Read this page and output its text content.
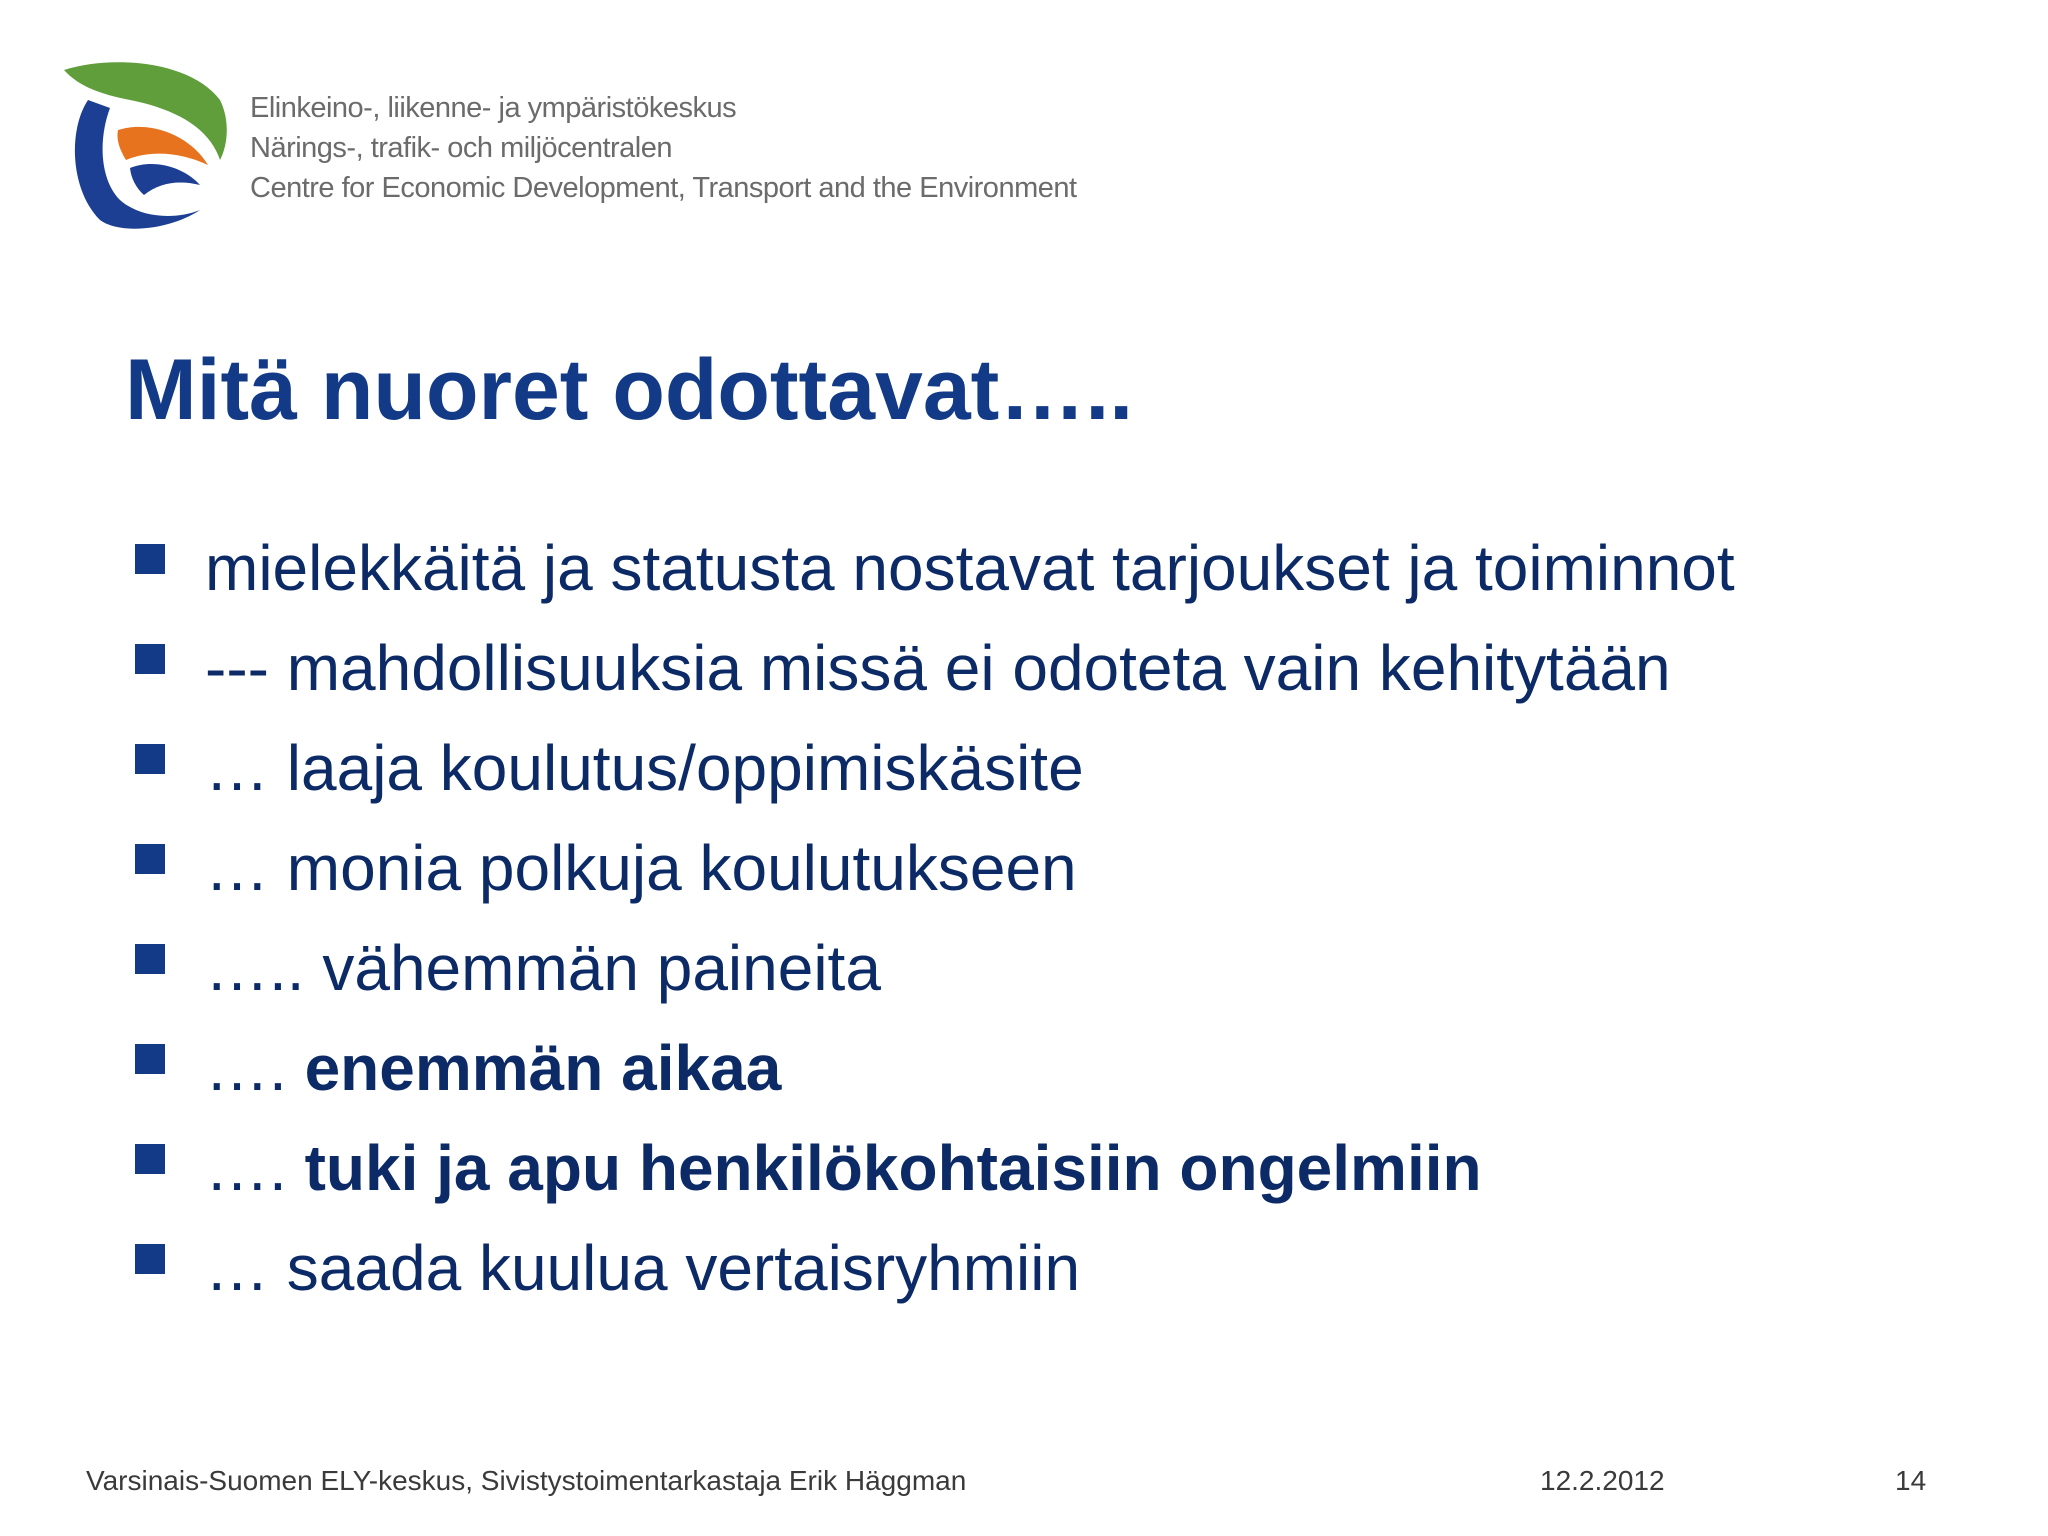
Elinkeino-, liikenne- ja ympäristökeskus
Närings-, trafik- och miljöcentralen
Centre for Economic Development, Transport and the Environment
Mitä nuoret odottavat…..
mielekkäitä ja statusta nostavat tarjoukset ja toiminnot
--- mahdollisuuksia missä ei odoteta vain kehitytään
… laaja koulutus/oppimiskäsite
… monia polkuja koulutukseen
….. vähemmän paineita
…. enemmän aikaa
…. tuki ja apu henkilökohtaisiin ongelmiin
… saada kuulua vertaisryhmiin
Varsinais-Suomen ELY-keskus, Sivistystoimentarkastaja Erik Häggman	12.2.2012	14
